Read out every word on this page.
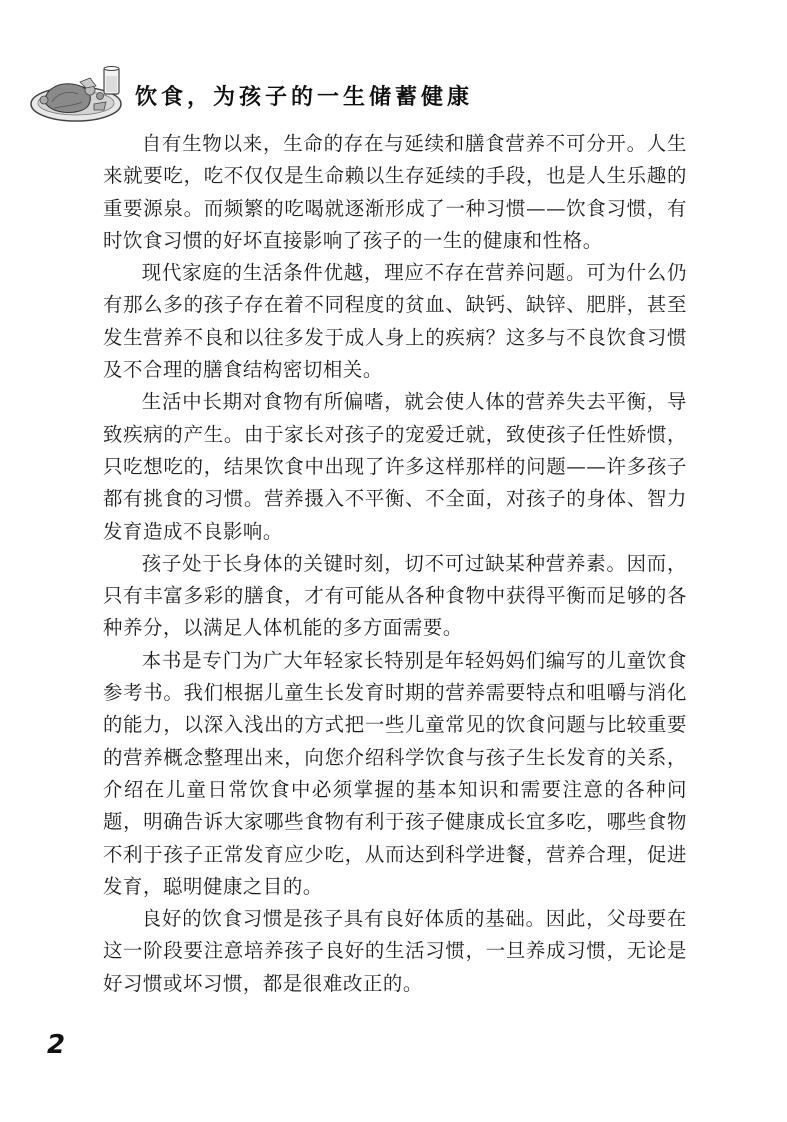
饮食，为孩子的一生储蓄健康

自有生物以来，生命的存在与延续和膳食营养不可分开。人生来就要吃，吃不仅仅是生命赖以生存延续的手段，也是人生乐趣的重要源泉。而频繁的吃喝就逐渐形成了一种习惯——饮食习惯，有时饮食习惯的好坏直接影响了孩子的一生的健康和性格。

现代家庭的生活条件优越，理应不存在营养问题。可为什么仍有那么多的孩子存在着不同程度的贫血、缺钙、缺锌、肥胖，甚至发生营养不良和以往多发于成人身上的疾病？这多与不良饮食习惯及不合理的膳食结构密切相关。

生活中长期对食物有所偏嗜，就会使人体的营养失去平衡，导致疾病的产生。由于家长对孩子的宠爱迁就，致使孩子任性娇惯，只吃想吃的，结果饮食中出现了许多这样那样的问题——许多孩子都有挑食的习惯。营养摄入不平衡、不全面，对孩子的身体、智力发育造成不良影响。

孩子处于长身体的关键时刻，切不可过缺某种营养素。因而，只有丰富多彩的膳食，才有可能从各种食物中获得平衡而足够的各种养分，以满足人体机能的多方面需要。

本书是专门为广大年轻家长特别是年轻妈妈们编写的儿童饮食参考书。我们根据儿童生长发育时期的营养需要特点和咀嚼与消化的能力，以深入浅出的方式把一些儿童常见的饮食问题与比较重要的营养概念整理出来，向您介绍科学饮食与孩子生长发育的关系，介绍在儿童日常饮食中必须掌握的基本知识和需要注意的各种问题，明确告诉大家哪些食物有利于孩子健康成长宜多吃，哪些食物不利于孩子正常发育应少吃，从而达到科学进餐，营养合理，促进发育，聪明健康之目的。

良好的饮食习惯是孩子具有良好体质的基础。因此，父母要在这一阶段要注意培养孩子良好的生活习惯，一旦养成习惯，无论是好习惯或坏习惯，都是很难改正的。

2
